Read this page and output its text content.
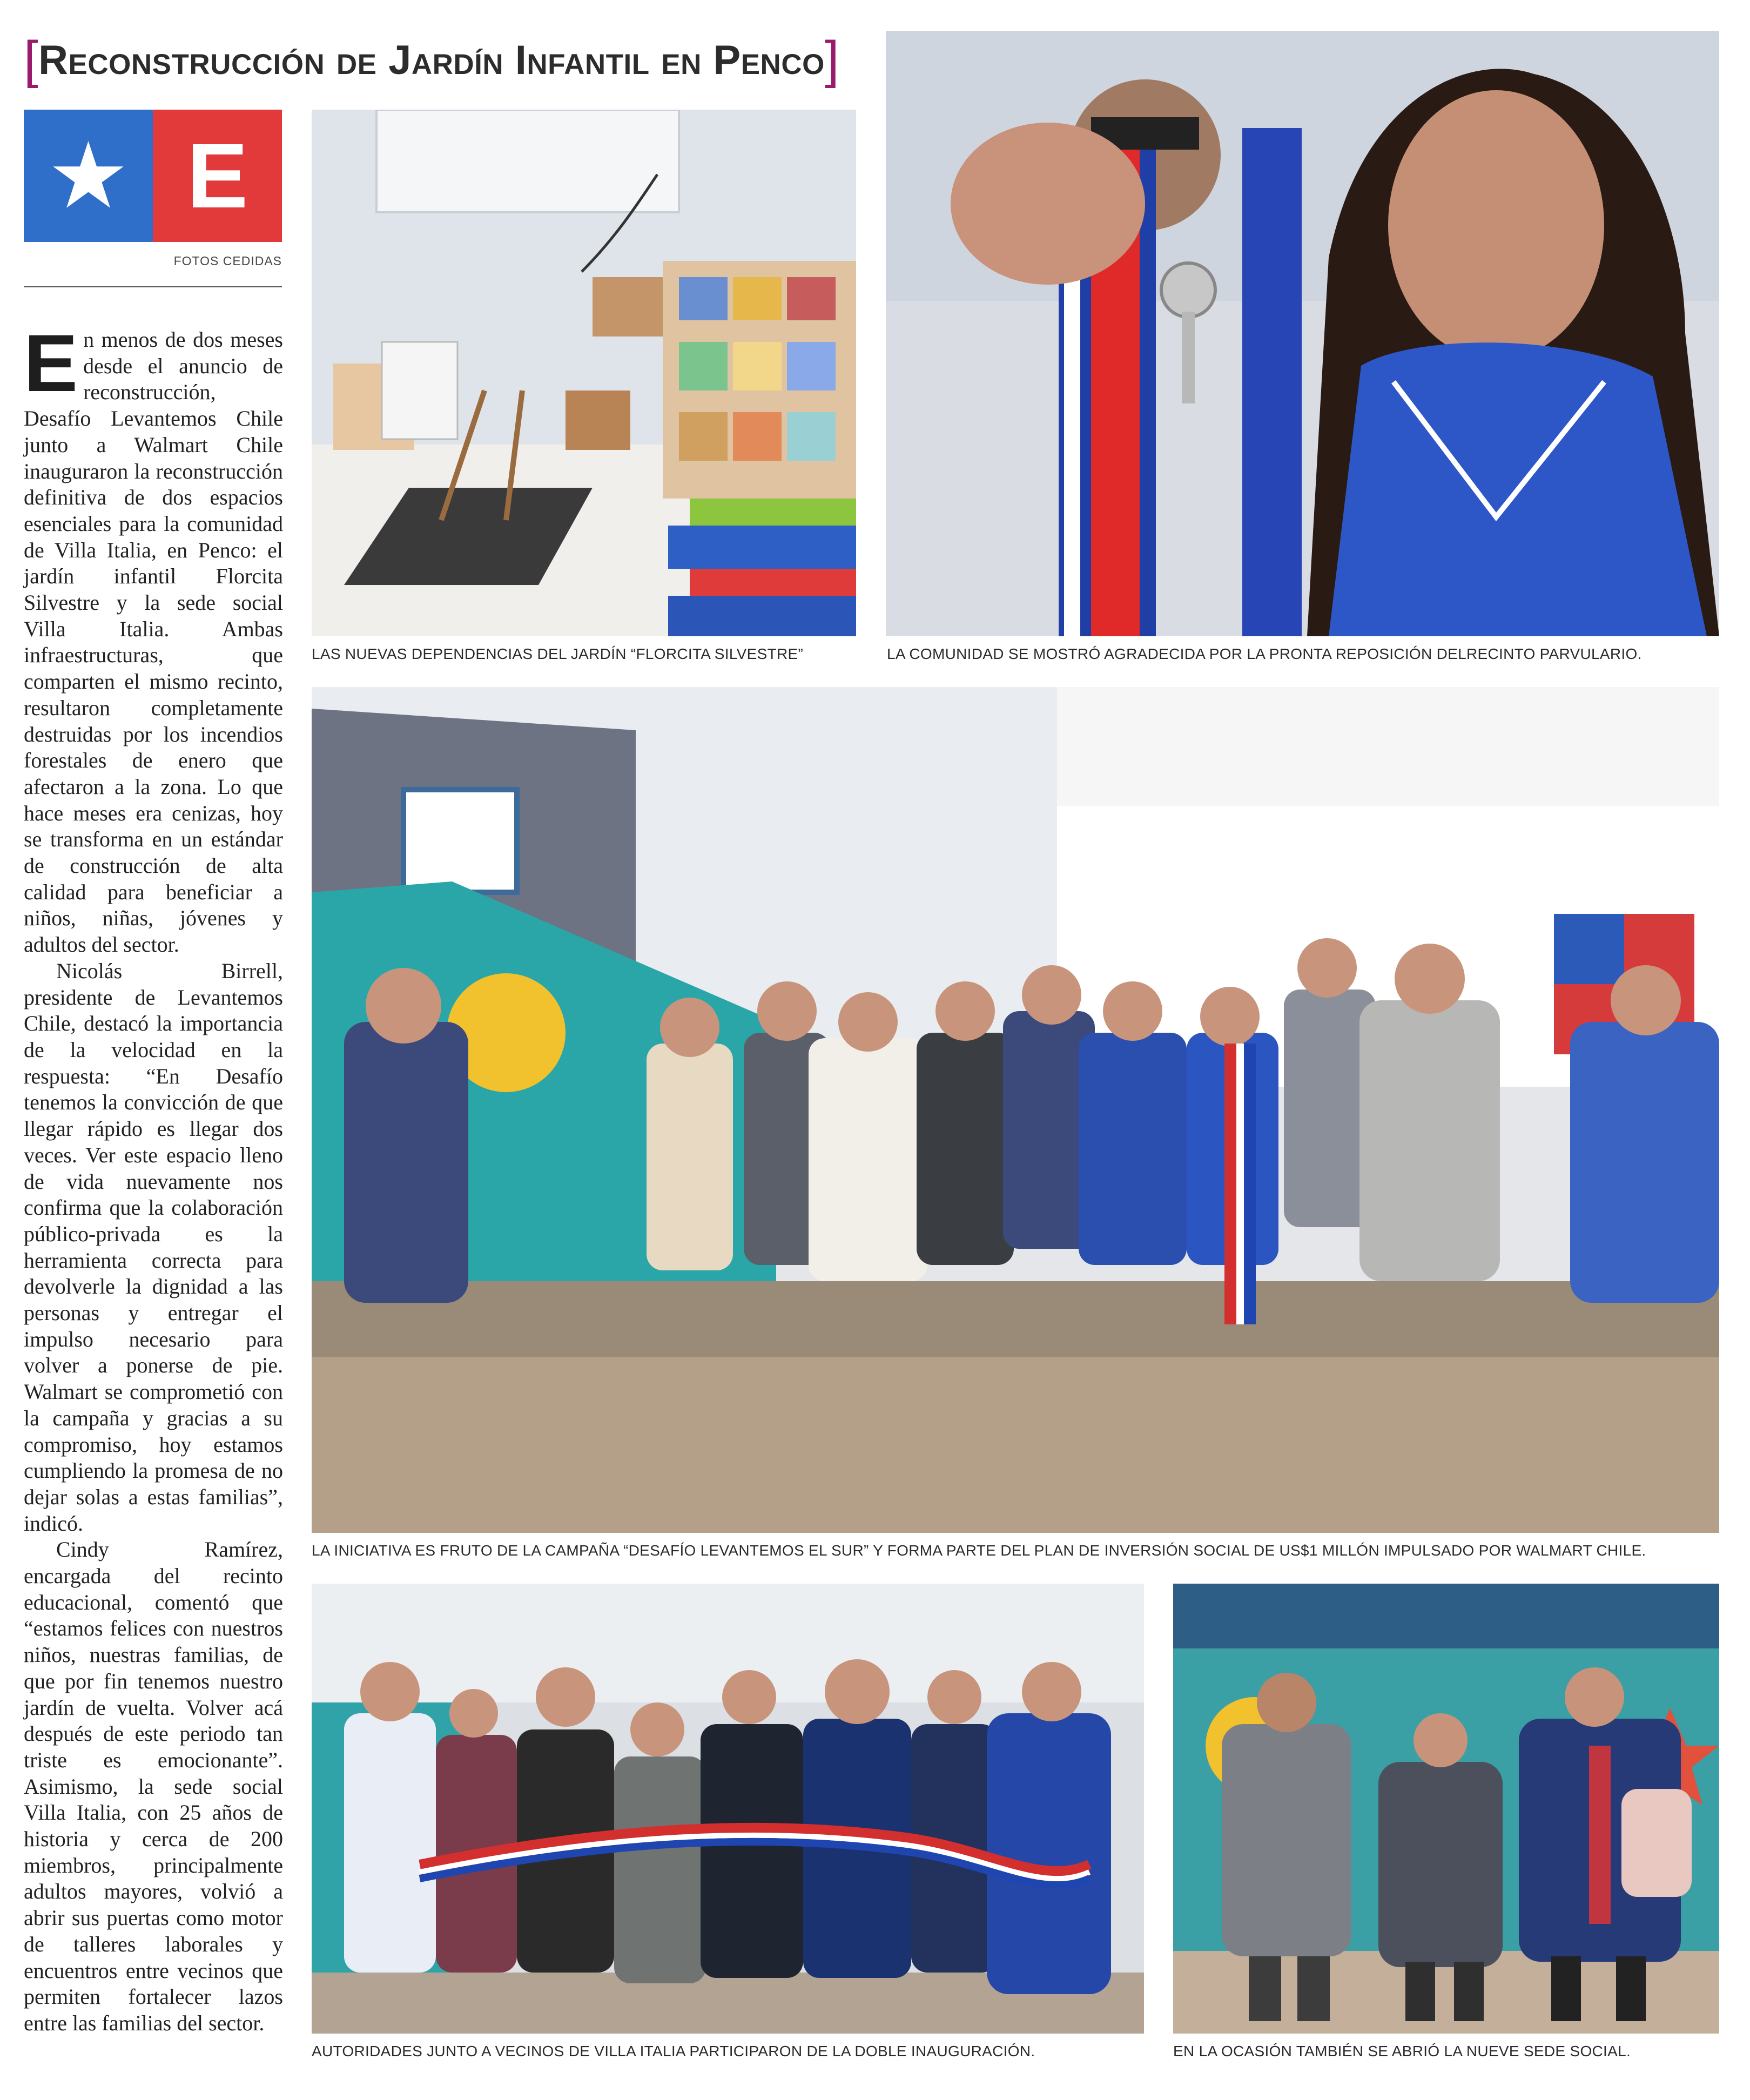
[ Reconstrucción de Jardín Infantil en Penco ]
★ E
FOTOS CEDIDAS

En menos de dos meses desde el anuncio de reconstrucción, Desafío Levantemos Chile junto a Walmart Chile inauguraron la reconstrucción definitiva de dos espacios esenciales para la comunidad de Villa Italia, en Penco: el jardín infantil Florcita Silvestre y la sede social Villa Italia. Ambas infraestructuras, que comparten el mismo recinto, resultaron completamente destruidas por los incendios forestales de enero que afectaron a la zona. Lo que hace meses era cenizas, hoy se transforma en un estándar de construcción de alta calidad para beneficiar a niños, niñas, jóvenes y adultos del sector.

Nicolás Birrell, presidente de Levantemos Chile, destacó la importancia de la velocidad en la respuesta: “En Desafío tenemos la convicción de que llegar rápido es llegar dos veces. Ver este espacio lleno de vida nuevamente nos confirma que la colaboración público-privada es la herramienta correcta para devolverle la dignidad a las personas y entregar el impulso necesario para volver a ponerse de pie. Walmart se comprometió con la campaña y gracias a su compromiso, hoy estamos cumpliendo la promesa de no dejar solas a estas familias”, indicó.

Cindy Ramírez, encargada del recinto educacional, comentó que “estamos felices con nuestros niños, nuestras familias, de que por fin tenemos nuestro jardín de vuelta. Volver acá después de este periodo tan triste es emocionante”. Asimismo, la sede social Villa Italia, con 25 años de historia y cerca de 200 miembros, principalmente adultos mayores, volvió a abrir sus puertas como motor de talleres laborales y encuentros entre vecinos que permiten fortalecer lazos entre las familias del sector.

LAS NUEVAS DEPENDENCIAS DEL JARDÍN “FLORCITA SILVESTRE”	LA COMUNIDAD SE MOSTRÓ AGRADECIDA POR LA PRONTA REPOSICIÓN DELRECINTO PARVULARIO.
LA INICIATIVA ES FRUTO DE LA CAMPAÑA “DESAFÍO LEVANTEMOS EL SUR” Y FORMA PARTE DEL PLAN DE INVERSIÓN SOCIAL DE US$1 MILLÓN IMPULSADO POR WALMART CHILE.
AUTORIDADES JUNTO A VECINOS DE VILLA ITALIA PARTICIPARON DE LA DOBLE INAUGURACIÓN.	EN LA OCASIÓN TAMBIÉN SE ABRIÓ LA NUEVE SEDE SOCIAL.
